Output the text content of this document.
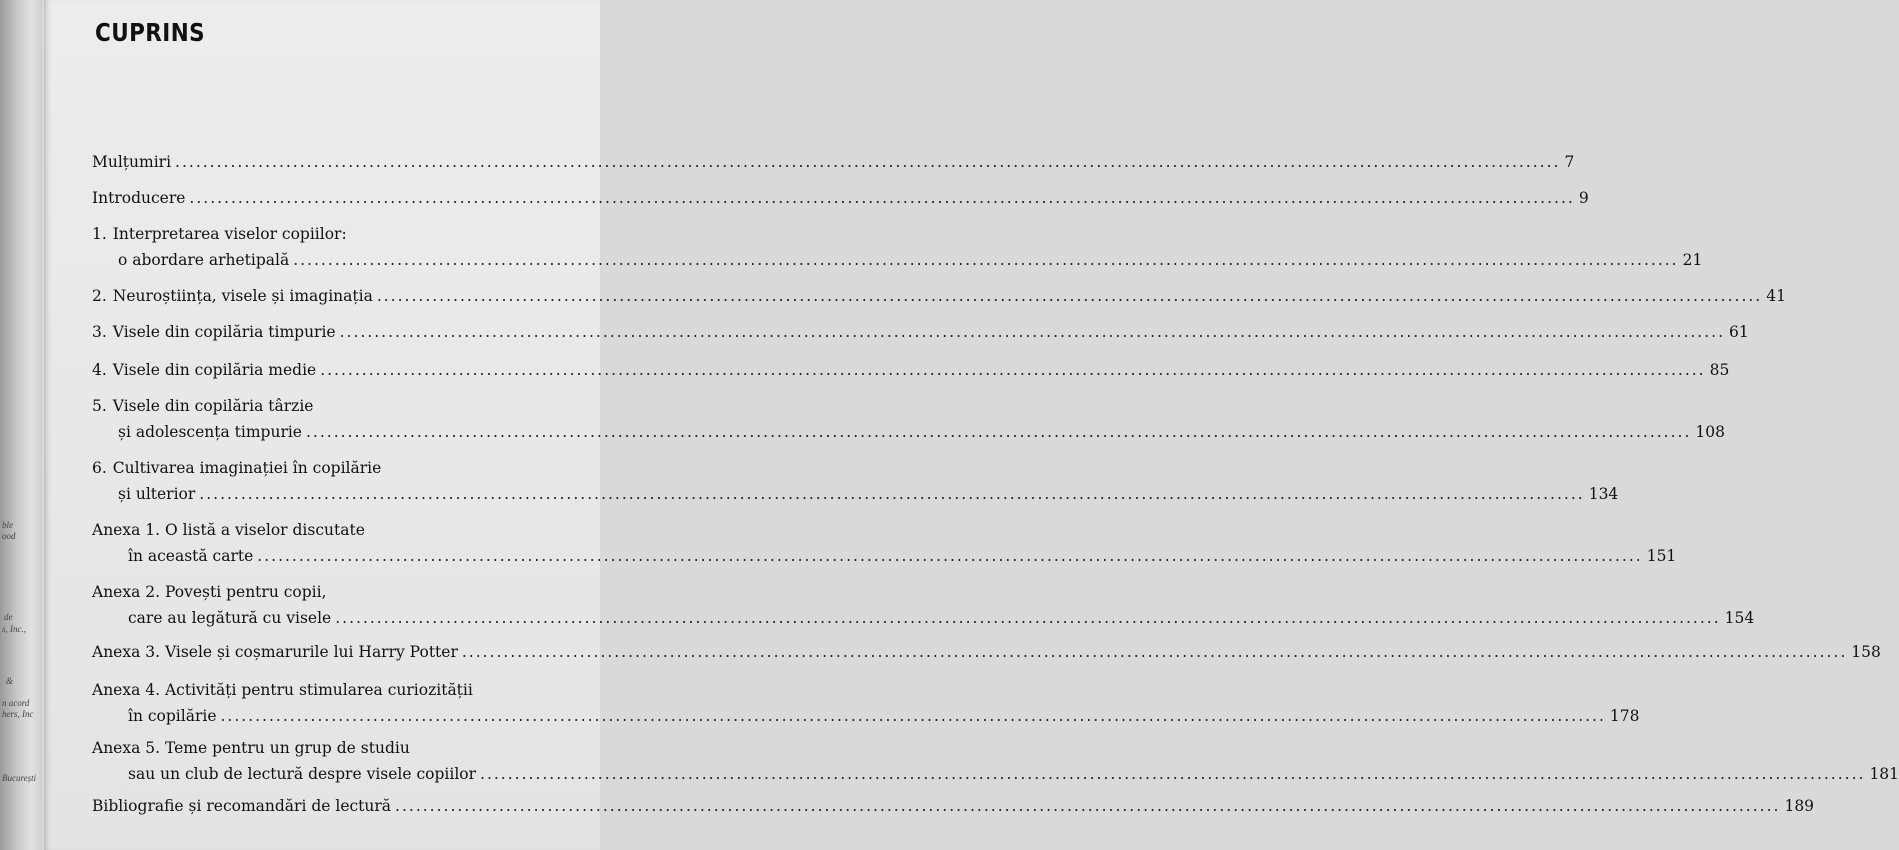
ble
ood
de
s, Inc.,
&
n acord
hers, Inc
București
CUPRINS
Mulțumiri ........................................................................................................................................................................................................ 7
Introducere ........................................................................................................................................................................................................ 9
1. Interpretarea viselor copiilor:
o abordare arhetipală ........................................................................................................................................................................................................ 21
2. Neuroștiința, visele și imaginația ........................................................................................................................................................................................................ 41
3. Visele din copilăria timpurie ........................................................................................................................................................................................................ 61
4. Visele din copilăria medie ........................................................................................................................................................................................................ 85
5. Visele din copilăria târzie
și adolescența timpurie ........................................................................................................................................................................................................ 108
6. Cultivarea imaginației în copilărie
și ulterior ........................................................................................................................................................................................................ 134
Anexa 1. O listă a viselor discutate
în această carte ........................................................................................................................................................................................................ 151
Anexa 2. Povești pentru copii,
care au legătură cu visele ........................................................................................................................................................................................................ 154
Anexa 3. Visele și coșmarurile lui Harry Potter ........................................................................................................................................................................................................ 158
Anexa 4. Activități pentru stimularea curiozității
în copilărie ........................................................................................................................................................................................................ 178
Anexa 5. Teme pentru un grup de studiu
sau un club de lectură despre visele copiilor ........................................................................................................................................................................................................ 181
Bibliografie și recomandări de lectură ........................................................................................................................................................................................................ 189
